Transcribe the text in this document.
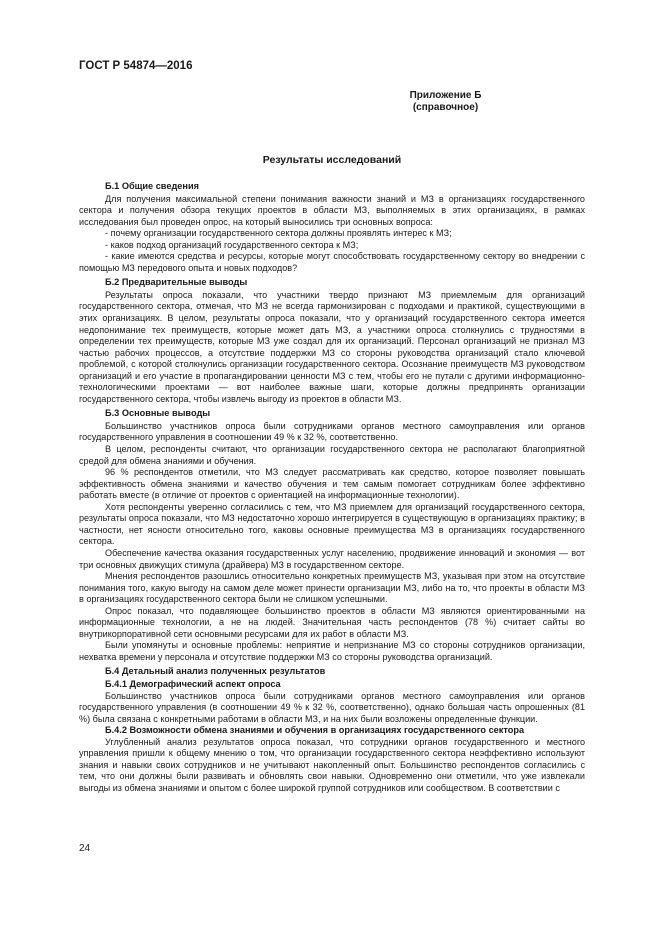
ГОСТ Р 54874—2016
Приложение Б
(справочное)
Результаты исследований

Б.1 Общие сведения

Для получения максимальной степени понимания важности знаний и МЗ в организациях государственного сектора и получения обзора текущих проектов в области МЗ, выполняемых в этих организациях, в рамках исследования был проведен опрос, на который выносились три основных вопроса:

- почему организации государственного сектора должны проявлять интерес к МЗ;

- каков подход организаций государственного сектора к МЗ;

- какие имеются средства и ресурсы, которые могут способствовать государственному сектору во внедрении с помощью МЗ передового опыта и новых подходов?

Б.2 Предварительные выводы

Результаты опроса показали, что участники твердо признают МЗ приемлемым для организаций государственного сектора, отмечая, что МЗ не всегда гармонизирован с подходами и практикой, существующими в этих организациях. В целом, результаты опроса показали, что у организаций государственного сектора имеется недопонимание тех преимуществ, которые может дать МЗ, а участники опроса столкнулись с трудностями в определении тех преимуществ, которые МЗ уже создал для их организаций. Персонал организаций не признал МЗ частью рабочих процессов, а отсутствие поддержки МЗ со стороны руководства организаций стало ключевой проблемой, с которой столкнулись организации государственного сектора. Осознание преимуществ МЗ руководством организаций и его участие в пропагандировании ценности МЗ с тем, чтобы его не путали с другими информационно-технологическими проектами — вот наиболее важные шаги, которые должны предпринять организации государственного сектора, чтобы извлечь выгоду из проектов в области МЗ.

Б.3 Основные выводы

Большинство участников опроса были сотрудниками органов местного самоуправления или органов государственного управления в соотношении 49 % к 32 %, соответственно.

В целом, респонденты считают, что организации государственного сектора не располагают благоприятной средой для обмена знаниями и обучения.

96 % респондентов отметили, что МЗ следует рассматривать как средство, которое позволяет повышать эффективность обмена знаниями и качество обучения и тем самым помогает сотрудникам более эффективно работать вместе (в отличие от проектов с ориентацией на информационные технологии).

Хотя респонденты уверенно согласились с тем, что МЗ приемлем для организаций государственного сектора, результаты опроса показали, что МЗ недостаточно хорошо интегрируется в существующую в организациях практику; в частности, нет ясности относительно того, каковы основные преимущества МЗ в организациях государственного сектора.

Обеспечение качества оказания государственных услуг населению, продвижение инноваций и экономия — вот три основных движущих стимула (драйвера) МЗ в государственном секторе.

Мнения респондентов разошлись относительно конкретных преимуществ МЗ, указывая при этом на отсутствие понимания того, какую выгоду на самом деле может принести организации МЗ, либо на то, что проекты в области МЗ в организациях государственного сектора были не слишком успешными.

Опрос показал, что подавляющее большинство проектов в области МЗ являются ориентированными на информационные технологии, а не на людей. Значительная часть респондентов (78 %) считает сайты во внутрикорпоративной сети основными ресурсами для их работ в области МЗ.

Были упомянуты и основные проблемы: неприятие и непризнание МЗ со стороны сотрудников организации, нехватка времени у персонала и отсутствие поддержки МЗ со стороны руководства организаций.

Б.4 Детальный анализ полученных результатов

Б.4.1 Демографический аспект опроса

Большинство участников опроса были сотрудниками органов местного самоуправления или органов государственного управления (в соотношении 49 % к 32 %, соответственно), однако большая часть опрошенных (81 %) была связана с конкретными работами в области МЗ, и на них были возложены определенные функции.

Б.4.2 Возможности обмена знаниями и обучения в организациях государственного сектора

Углубленный анализ результатов опроса показал, что сотрудники органов государственного и местного управления пришли к общему мнению о том, что организации государственного сектора неэффективно используют знания и навыки своих сотрудников и не учитывают накопленный опыт. Большинство респондентов согласились с тем, что они должны были развивать и обновлять свои навыки. Одновременно они отметили, что уже извлекали выгоды из обмена знаниями и опытом с более широкой группой сотрудников или сообществом. В соответствии с

24
